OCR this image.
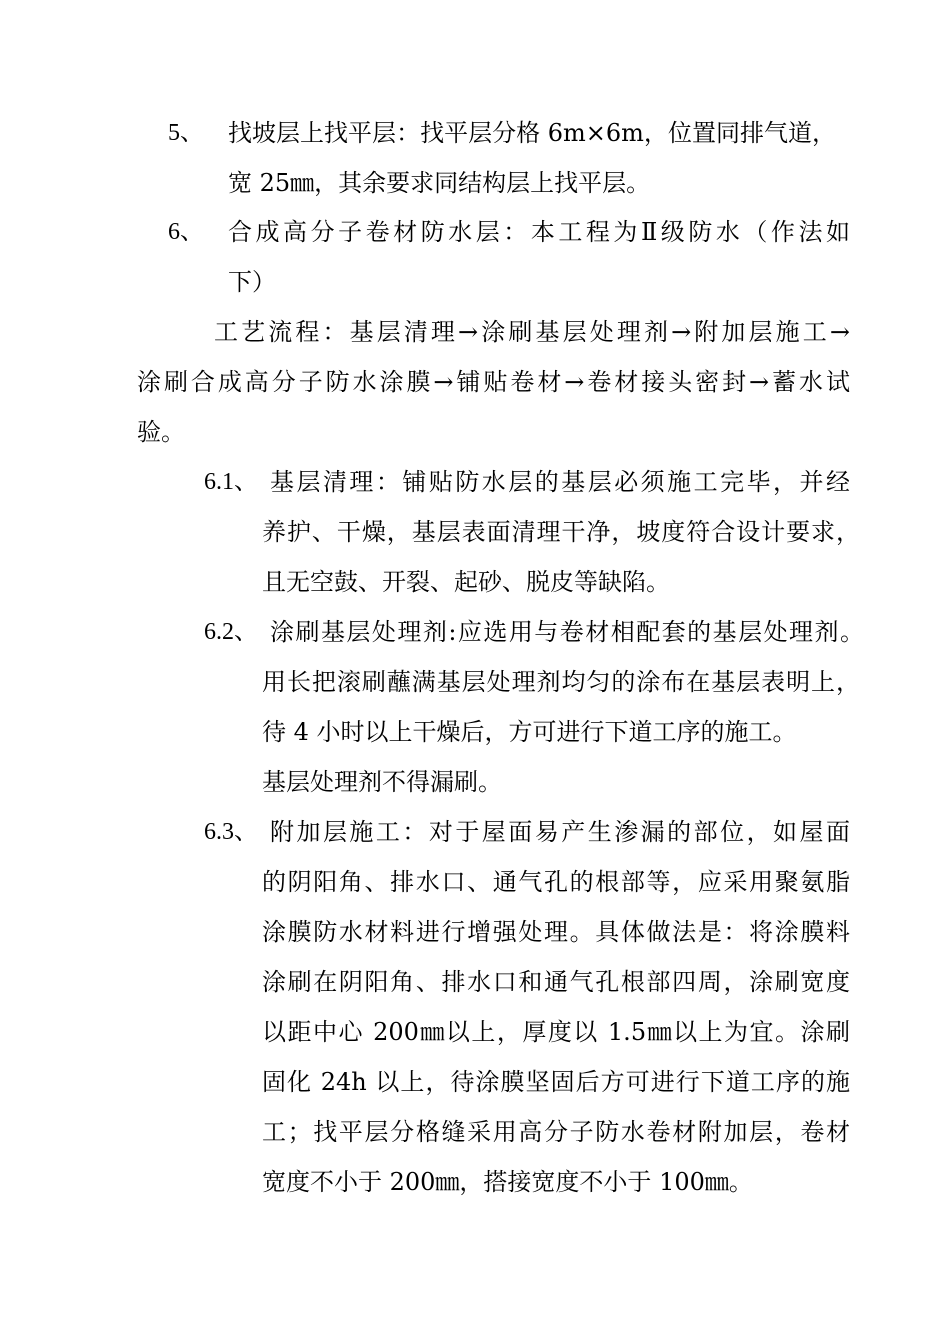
5、 找坡层上找平层：找平层分格 6m×6m，位置同排气道，
宽 25㎜，其余要求同结构层上找平层。
6、 合成高分子卷材防水层：本工程为Ⅱ级防水（作法如
下）
工艺流程：基层清理→涂刷基层处理剂→附加层施工→
涂刷合成高分子防水涂膜→铺贴卷材→卷材接头密封→蓄水试
验。
6.1、 基层清理：铺贴防水层的基层必须施工完毕，并经
养护、干燥，基层表面清理干净，坡度符合设计要求，
且无空鼓、开裂、起砂、脱皮等缺陷。
6.2、 涂刷基层处理剂:应选用与卷材相配套的基层处理剂。
用长把滚刷蘸满基层处理剂均匀的涂布在基层表明上，
待 4 小时以上干燥后，方可进行下道工序的施工。
基层处理剂不得漏刷。
6.3、 附加层施工：对于屋面易产生渗漏的部位，如屋面
的阴阳角、排水口、通气孔的根部等，应采用聚氨脂
涂膜防水材料进行增强处理。具体做法是：将涂膜料
涂刷在阴阳角、排水口和通气孔根部四周，涂刷宽度
以距中心 200㎜以上，厚度以 1.5㎜以上为宜。涂刷
固化 24h 以上，待涂膜坚固后方可进行下道工序的施
工；找平层分格缝采用高分子防水卷材附加层，卷材
宽度不小于 200㎜，搭接宽度不小于 100㎜。
